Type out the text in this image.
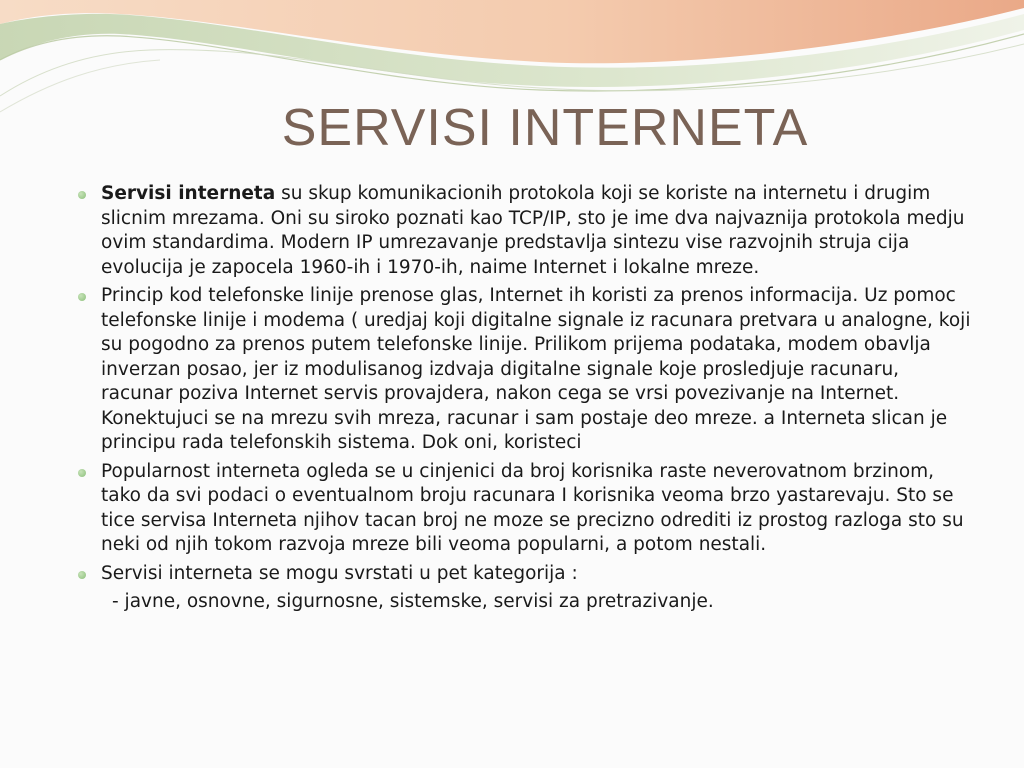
SERVISI INTERNETA
Servisi interneta su skup komunikacionih protokola koji se koriste na internetu i drugim slicnim mrezama. Oni su siroko poznati kao TCP/IP, sto je ime dva najvaznija protokola medju ovim standardima. Modern IP umrezavanje predstavlja sintezu vise razvojnih struja cija evolucija je zapocela 1960-ih i 1970-ih, naime Internet i lokalne mreze.
Princip kod telefonske linije prenose glas, Internet ih koristi za prenos informacija. Uz pomoc telefonske linije i modema ( uredjaj koji digitalne signale iz racunara pretvara u analogne, koji su pogodno za prenos putem telefonske linije. Prilikom prijema podataka, modem obavlja inverzan posao, jer iz modulisanog izdvaja digitalne signale koje prosledjuje racunaru, racunar poziva Internet servis provajdera, nakon cega se vrsi povezivanje na Internet. Konektujuci se na mrezu svih mreza, racunar i sam postaje deo mreze. a Interneta slican je principu rada telefonskih sistema. Dok oni, koristeci
Popularnost interneta ogleda se u cinjenici da broj korisnika raste neverovatnom brzinom, tako da svi podaci o eventualnom broju racunara I korisnika veoma brzo yastarevaju. Sto se tice servisa Interneta njihov tacan broj ne moze se precizno odrediti iz prostog razloga sto su neki od njih tokom razvoja mreze bili veoma popularni, a potom nestali.
Servisi interneta se mogu svrstati u pet kategorija :
- javne, osnovne, sigurnosne, sistemske, servisi za pretrazivanje.
